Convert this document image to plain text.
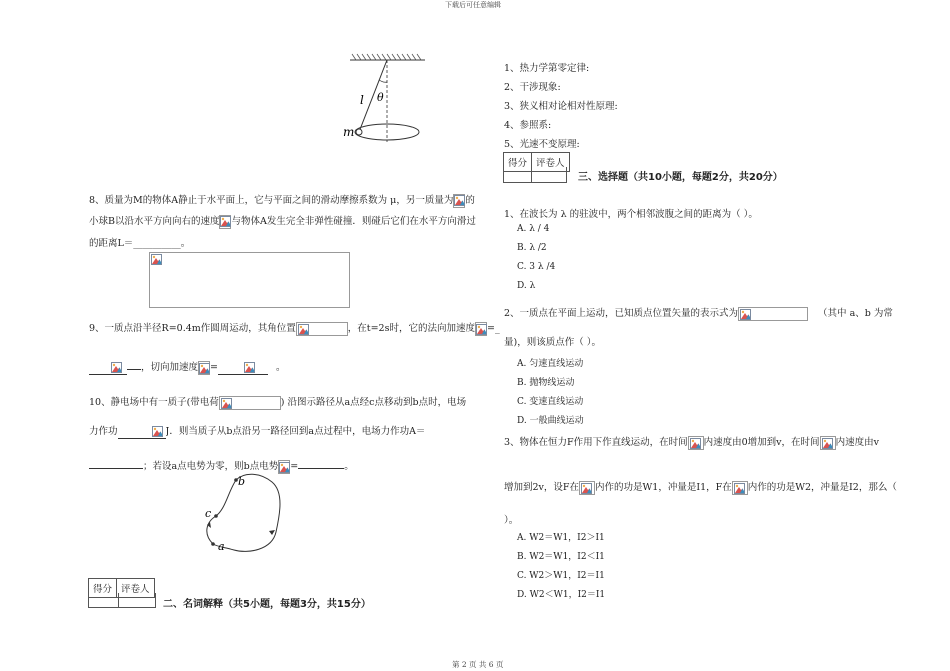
下载后可任意编辑
l θ
m
8、质量为M的物体A静止于水平面上，它与平面之间的滑动摩擦系数为 μ，另一质量为 的
小球B以沿水平方向向右的速度 与物体A发生完全非弹性碰撞．则碰后它们在水平方向滑过
的距离L＝__________。
9、一质点沿半径R=0.4m作圆周运动，其角位置	，在t=2s时，它的法向加速度 =_
，切向加速度 =	。
10、静电场中有一质子(带电荷	) 沿图示路径从a点经c点移动到b点时，电场
力作功	J．则当质子从b点沿另一路径回到a点过程中，电场力作功A＝
；若设a点电势为零，则b点电势 =	。
a
c
b
得分 评卷人
二、名词解释（共5小题，每题3分，共15分）
1、热力学第零定律:
2、干涉现象:
3、狭义相对论相对性原理:
4、参照系:
5、光速不变原理:
得分 评卷人
三、选择题（共10小题，每题2分，共20分）
1、在波长为 λ 的驻波中，两个相邻波腹之间的距离为（ ）。
A. λ / 4
B. λ /2
C. 3 λ /4
D. λ
2、一质点在平面上运动，已知质点位置矢量的表示式为	（其中 a、b 为常
量)，则该质点作（ ）。
A. 匀速直线运动
B. 抛物线运动
C. 变速直线运动
D. 一般曲线运动
3、物体在恒力F作用下作直线运动，在时间 内速度由0增加到v，在时间 内速度由v
增加到2v，设F在 内作的功是W1，冲量是I1，F在 内作的功是W2，冲量是I2，那么（
）。
A. W2＝W1，I2＞I1
B. W2＝W1，I2＜I1
C. W2＞W1，I2＝I1
D. W2＜W1，I2＝I1
第 2 页 共 6 页
